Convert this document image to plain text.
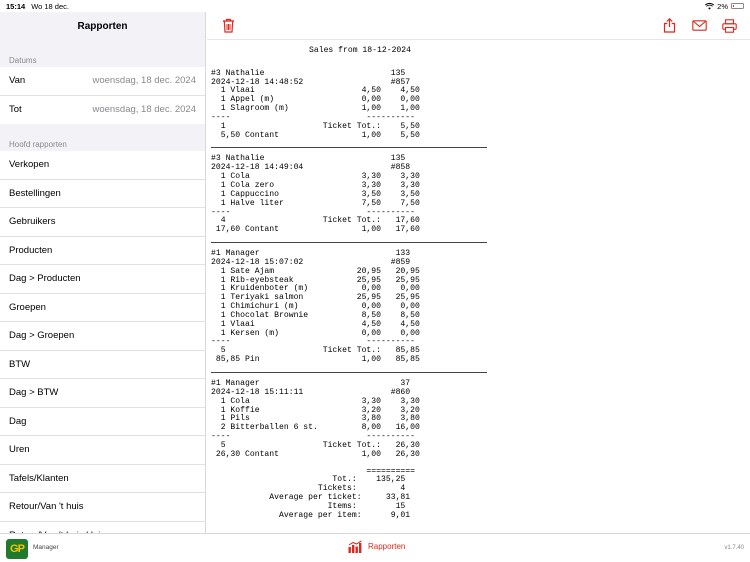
15:14 Wo 18 dec.	2%
Rapporten
Datums
Van	woensdag, 18 dec. 2024
Tot	woensdag, 18 dec. 2024
Hoofd rapporten
Verkopen
Bestellingen
Gebruikers
Producten
Dag > Producten
Groepen
Dag > Groepen
BTW
Dag > BTW
Dag
Uren
Tafels/Klanten
Retour/Van 't huis
Sales from 18-12-2024
#3 Nathalie                          135
2024-12-18 14:48:52                  #857
1 Vlaai                      4,50    4,50
1 Appel (m)                  0,00    0,00
1 Slagroom (m)               1,00    1,00
----                            ----------
1                    Ticket Tot.:    5,50
5,50 Contant                 1,00    5,50
#3 Nathalie                          135
2024-12-18 14:49:04                  #858
1 Cola                       3,30    3,30
1 Cola zero                  3,30    3,30
1 Cappuccino                 3,50    3,50
1 Halve liter                7,50    7,50
----                            ----------
4                    Ticket Tot.:   17,60
17,60 Contant                 1,00   17,60
#1 Manager                            133
2024-12-18 15:07:02                  #859
1 Sate Ajam                 20,95   20,95
1 Rib-eyebsteak             25,95   25,95
1 Kruidenboter (m)           0,00    0,00
1 Teriyaki salmon           25,95   25,95
1 Chimichuri (m)             0,00    0,00
1 Chocolat Brownie           8,50    8,50
1 Vlaai                      4,50    4,50
1 Kersen (m)                 0,00    0,00
----                            ----------
5                    Ticket Tot.:   85,85
85,85 Pin                     1,00   85,85
#1 Manager                             37
2024-12-18 15:11:11                  #860
1 Cola                       3,30    3,30
1 Koffie                     3,20    3,20
1 Pils                       3,80    3,80
2 Bitterballen 6 st.         8,00   16,00
----                            ----------
5                    Ticket Tot.:   26,30
26,30 Contant                 1,00   26,30
==========
Tot.:    135,25
Tickets:         4
Average per ticket:     33,81
Items:        15
Average per item:      9,01
GP Manager	Rapporten	v1.7.40
